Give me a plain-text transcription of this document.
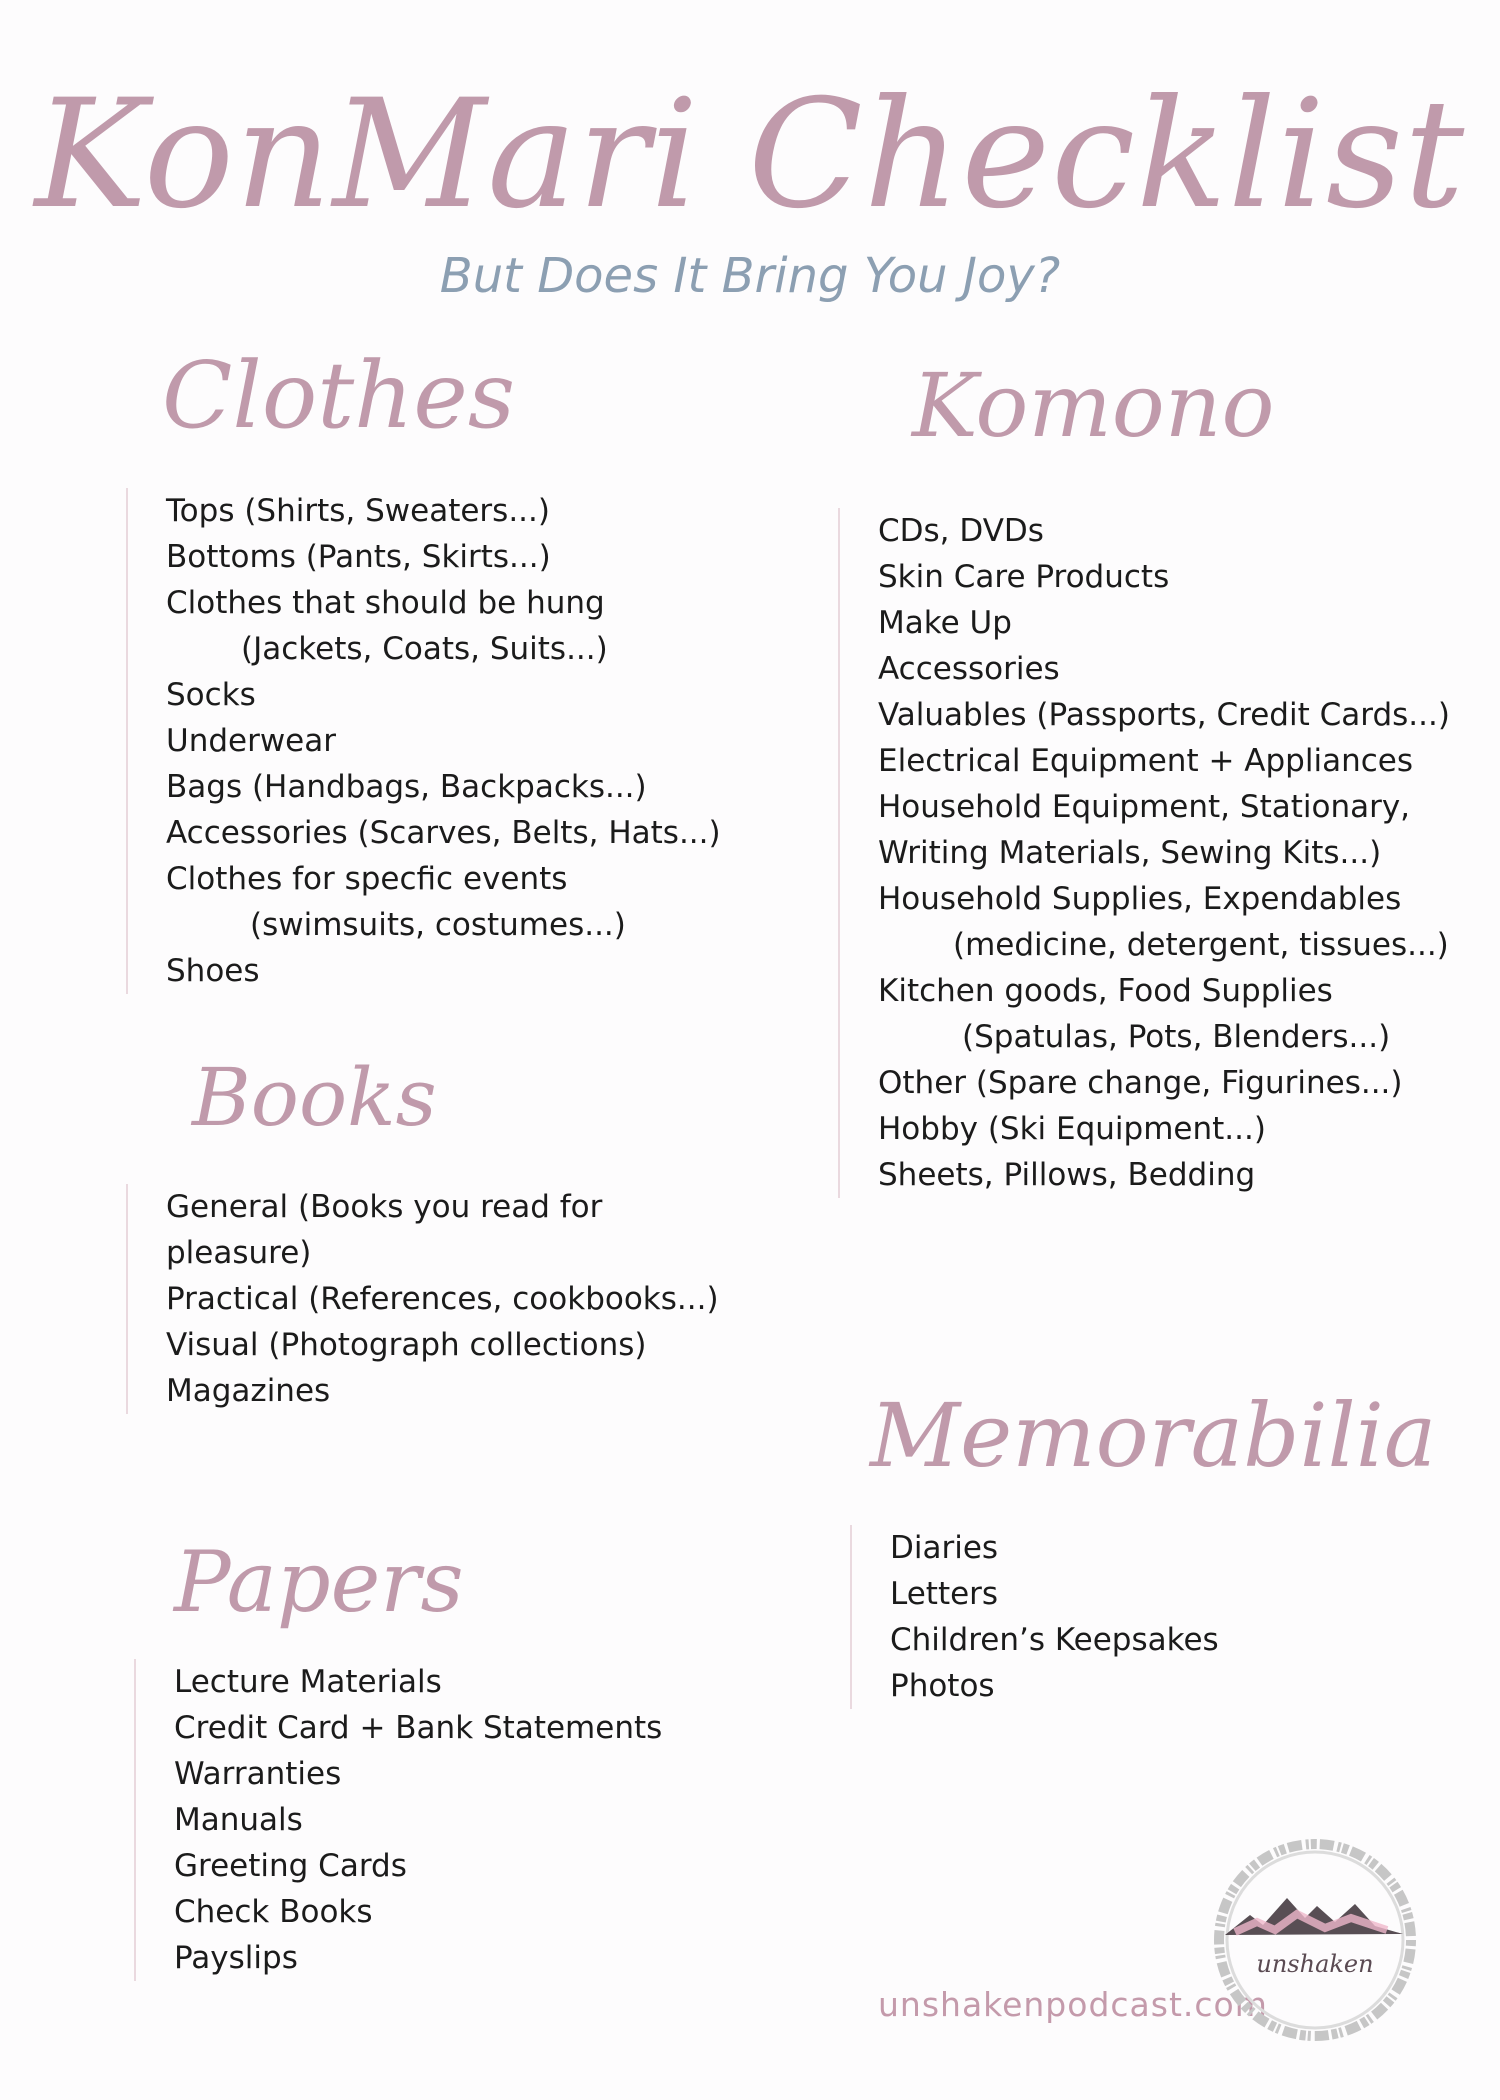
KonMari Checklist
But Does It Bring You Joy?
Clothes
Tops (Shirts, Sweaters...)
Bottoms (Pants, Skirts...)
Clothes that should be hung
(Jackets, Coats, Suits...)
Socks
Underwear
Bags (Handbags, Backpacks...)
Accessories (Scarves, Belts, Hats...)
Clothes for specfic events
(swimsuits, costumes...)
Shoes
Books
General (Books you read for
pleasure)
Practical (References, cookbooks...)
Visual (Photograph collections)
Magazines
Papers
Lecture Materials
Credit Card + Bank Statements
Warranties
Manuals
Greeting Cards
Check Books
Payslips
Komono
CDs, DVDs
Skin Care Products
Make Up
Accessories
Valuables (Passports, Credit Cards...)
Electrical Equipment + Appliances
Household Equipment, Stationary,
Writing Materials, Sewing Kits...)
Household Supplies, Expendables
(medicine, detergent, tissues...)
Kitchen goods, Food Supplies
(Spatulas, Pots, Blenders...)
Other (Spare change, Figurines...)
Hobby (Ski Equipment...)
Sheets, Pillows, Bedding
Memorabilia
Diaries
Letters
Children’s Keepsakes
Photos
unshakenpodcast.com
unshaken
